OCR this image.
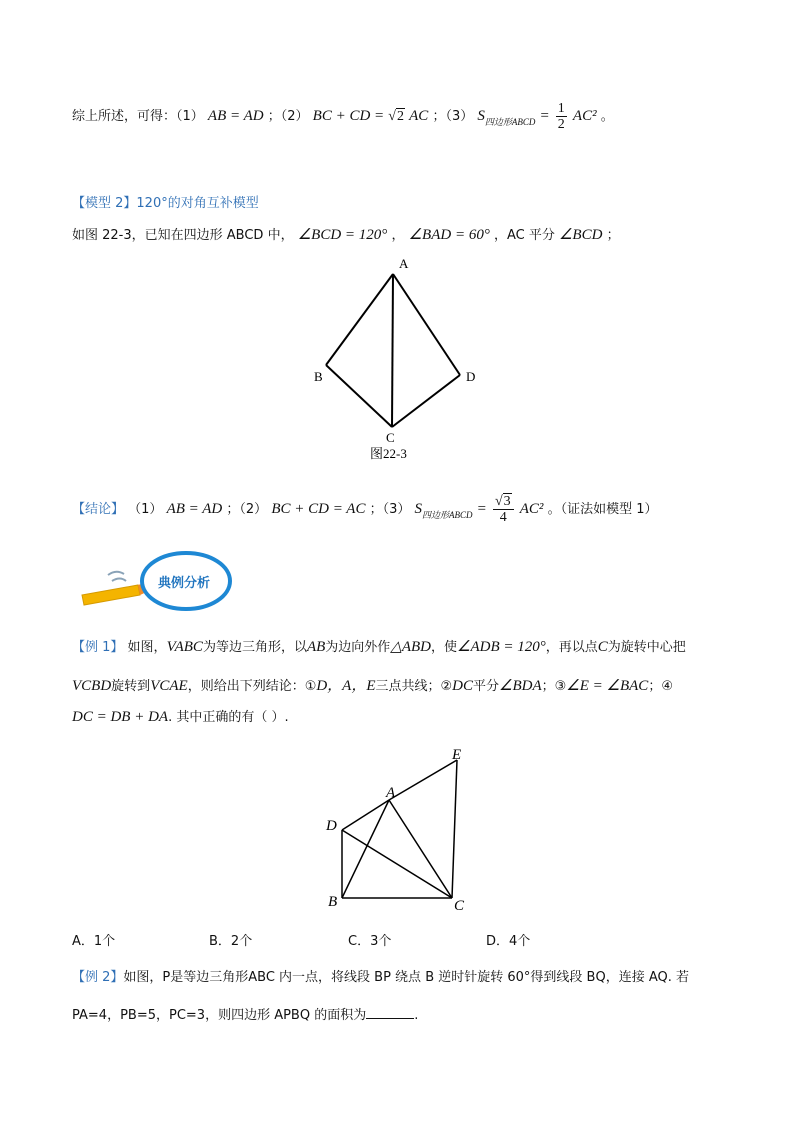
综上所述，可得：（1） AB = AD ；（2） BC + CD = √2 AC ；（3） $S_{四边形ABCD} = \frac{1}{2} AC^2$ 。
【模型 2】120°的对角互补模型
如图 22-3，已知在四边形 ABCD 中， ∠BCD = 120° ， ∠BAD = 60° ，AC 平分 ∠BCD ；
A
B	D
C
图22-3
【结论】 （1） AB = AD ；（2） BC + CD = AC ；（3） $S_{四边形ABCD} = \frac{√3}{4} AC^2$ 。（证法如模型 1）
典例分析
【例 1】 如图，VABC为等边三角形，以AB为边向外作△ABD，使∠ADB = 120°，再以点C为旋转中心把
VCBD旋转到VCAE，则给出下列结论：①D，A，E三点共线；②DC平分∠BDA；③∠E = ∠BAC；④
DC = DB + DA. 其中正确的有（ ）.
A
D
B	C
E
A．1个	B．2个	C．3个	D．4个
【例 2】如图，P是等边三角形ABC 内一点，将线段 BP 绕点 B 逆时针旋转 60°得到线段 BQ，连接 AQ. 若
PA=4，PB=5，PC=3，则四边形 APBQ 的面积为	.
